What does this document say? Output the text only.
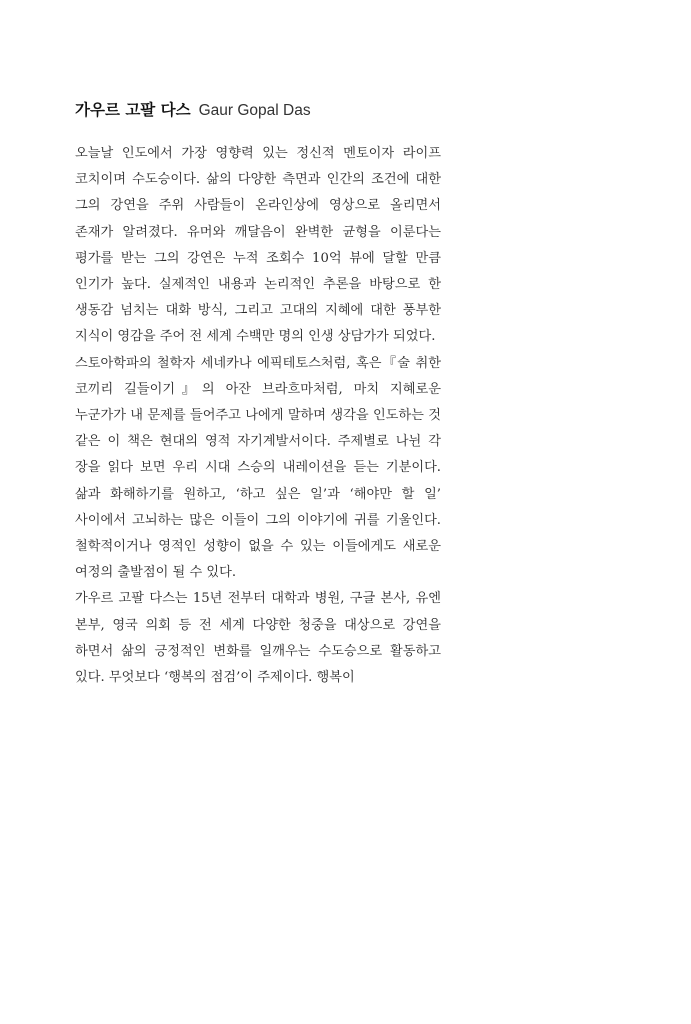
가우르 고팔 다스 Gaur Gopal Das

오늘날 인도에서 가장 영향력 있는 정신적 멘토이자 라이프 코치이며 수도승이다. 삶의 다양한 측면과 인간의 조건에 대한 그의 강연을 주위 사람들이 온라인상에 영상으로 올리면서 존재가 알려졌다. 유머와 깨달음이 완벽한 균형을 이룬다는 평가를 받는 그의 강연은 누적 조회수 10억 뷰에 달할 만큼 인기가 높다. 실제적인 내용과 논리적인 추론을 바탕으로 한 생동감 넘치는 대화 방식, 그리고 고대의 지혜에 대한 풍부한 지식이 영감을 주어 전 세계 수백만 명의 인생 상담가가 되었다.

스토아학파의 철학자 세네카나 에픽테토스처럼, 혹은『술 취한 코끼리 길들이기』의 아잔 브라흐마처럼, 마치 지혜로운 누군가가 내 문제를 들어주고 나에게 말하며 생각을 인도하는 것 같은 이 책은 현대의 영적 자기계발서이다. 주제별로 나뉜 각 장을 읽다 보면 우리 시대 스승의 내레이션을 듣는 기분이다. 삶과 화해하기를 원하고, ‘하고 싶은 일’과 ‘해야만 할 일’ 사이에서 고뇌하는 많은 이들이 그의 이야기에 귀를 기울인다. 철학적이거나 영적인 성향이 없을 수 있는 이들에게도 새로운 여정의 출발점이 될 수 있다.

가우르 고팔 다스는 15년 전부터 대학과 병원, 구글 본사, 유엔 본부, 영국 의회 등 전 세계 다양한 청중을 대상으로 강연을 하면서 삶의 긍정적인 변화를 일깨우는 수도승으로 활동하고 있다. 무엇보다 ‘행복의 점검’이 주제이다. 행복이
